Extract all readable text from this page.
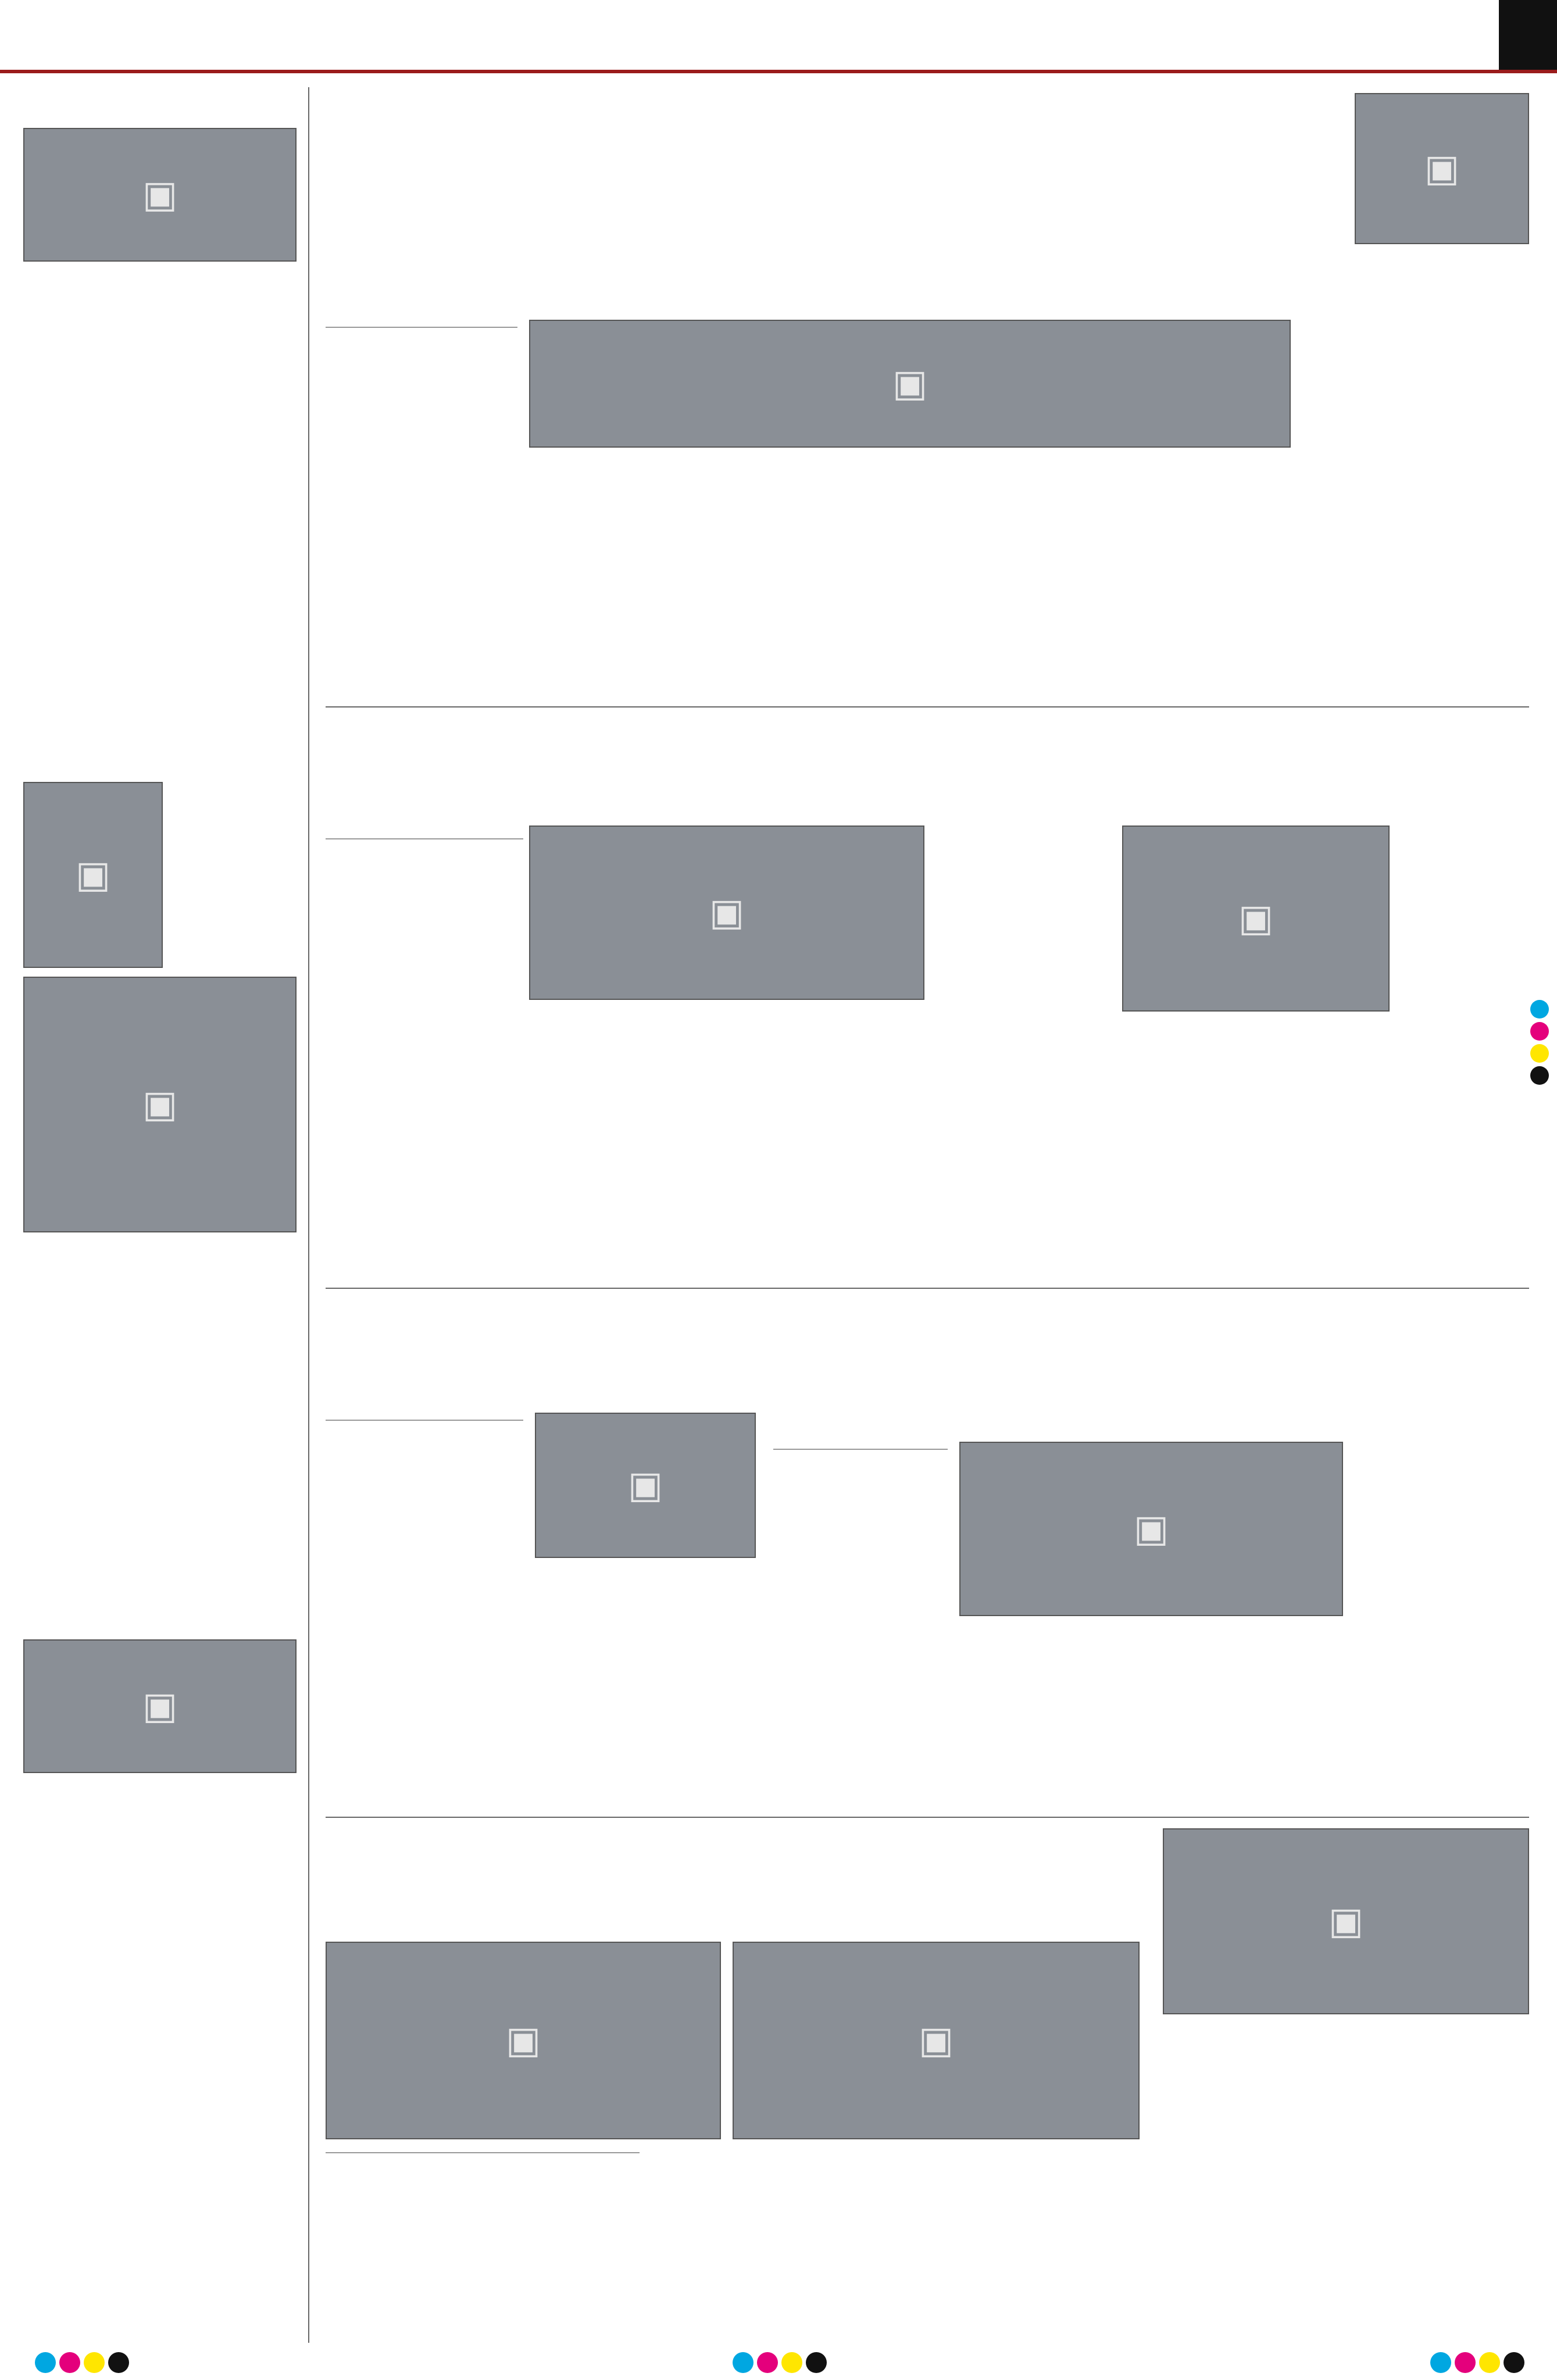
▣
▣
▣
▣
▣
▣
▣	▣
▣
▣
▣	▣
▣
